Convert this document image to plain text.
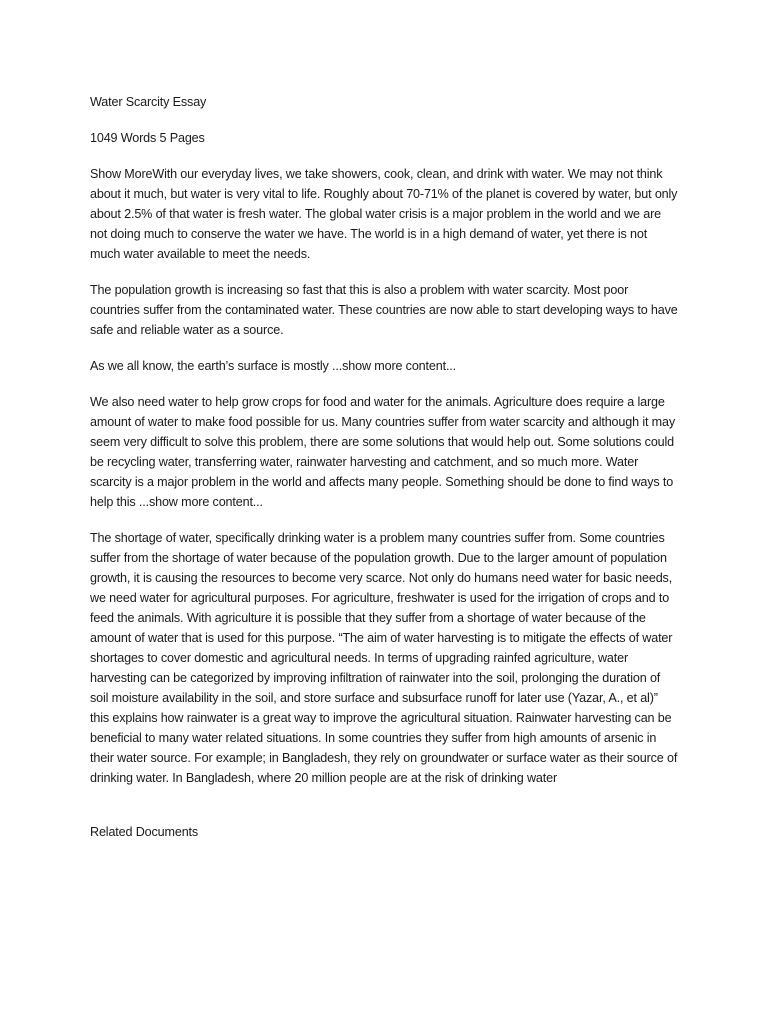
Water Scarcity Essay

1049 Words 5 Pages

Show MoreWith our everyday lives, we take showers, cook, clean, and drink with water. We may not think about it much, but water is very vital to life. Roughly about 70-71% of the planet is covered by water, but only about 2.5% of that water is fresh water. The global water crisis is a major problem in the world and we are not doing much to conserve the water we have. The world is in a high demand of water, yet there is not much water available to meet the needs.

The population growth is increasing so fast that this is also a problem with water scarcity. Most poor countries suffer from the contaminated water. These countries are now able to start developing ways to have safe and reliable water as a source.

As we all know, the earth’s surface is mostly ...show more content...

We also need water to help grow crops for food and water for the animals. Agriculture does require a large amount of water to make food possible for us. Many countries suffer from water scarcity and although it may seem very difficult to solve this problem, there are some solutions that would help out. Some solutions could be recycling water, transferring water, rainwater harvesting and catchment, and so much more. Water scarcity is a major problem in the world and affects many people. Something should be done to find ways to help this ...show more content...

The shortage of water, specifically drinking water is a problem many countries suffer from. Some countries suffer from the shortage of water because of the population growth. Due to the larger amount of population growth, it is causing the resources to become very scarce. Not only do humans need water for basic needs, we need water for agricultural purposes. For agriculture, freshwater is used for the irrigation of crops and to feed the animals. With agriculture it is possible that they suffer from a shortage of water because of the amount of water that is used for this purpose. “The aim of water harvesting is to mitigate the effects of water shortages to cover domestic and agricultural needs. In terms of upgrading rainfed agriculture, water harvesting can be categorized by improving infiltration of rainwater into the soil, prolonging the duration of soil moisture availability in the soil, and store surface and subsurface runoff for later use (Yazar, A., et al)” this explains how rainwater is a great way to improve the agricultural situation. Rainwater harvesting can be beneficial to many water related situations. In some countries they suffer from high amounts of arsenic in their water source. For example; in Bangladesh, they rely on groundwater or surface water as their source of drinking water. In Bangladesh, where 20 million people are at the risk of drinking water

Related Documents
